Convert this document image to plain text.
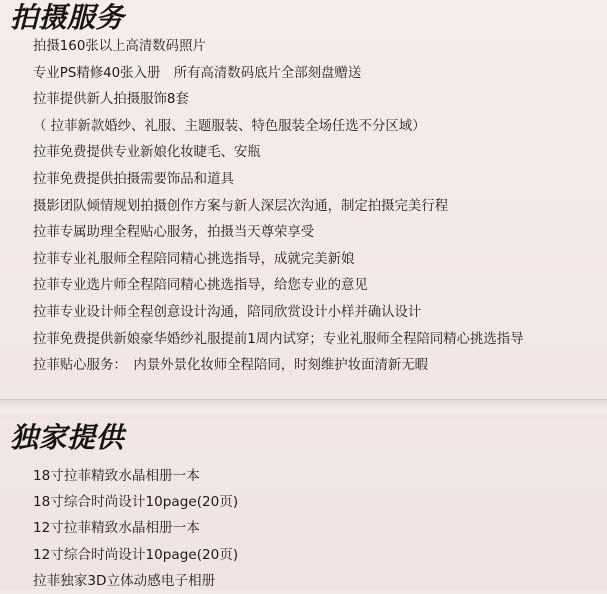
拍摄服务
拍摄160张以上高清数码照片
专业PS精修40张入册　所有高清数码底片全部刻盘赠送
拉菲提供新人拍摄服饰8套
（ 拉菲新款婚纱、礼服、主题服装、特色服装全场任选不分区域）
拉菲免费提供专业新娘化妆睫毛、安瓶
拉菲免费提供拍摄需要饰品和道具
摄影团队倾情规划拍摄创作方案与新人深层次沟通，制定拍摄完美行程
拉菲专属助理全程贴心服务，拍摄当天尊荣享受
拉菲专业礼服师全程陪同精心挑选指导，成就完美新娘
拉菲专业选片师全程陪同精心挑选指导，给您专业的意见
拉菲专业设计师全程创意设计沟通，陪同欣赏设计小样并确认设计
拉菲免费提供新娘豪华婚纱礼服提前1周内试穿；专业礼服师全程陪同精心挑选指导
拉菲贴心服务：　内景外景化妆师全程陪同，时刻维护妆面清新无暇
独家提供
18寸拉菲精致水晶相册一本
18寸综合时尚设计10page(20页)
12寸拉菲精致水晶相册一本
12寸综合时尚设计10page(20页)
拉菲独家3D立体动感电子相册
